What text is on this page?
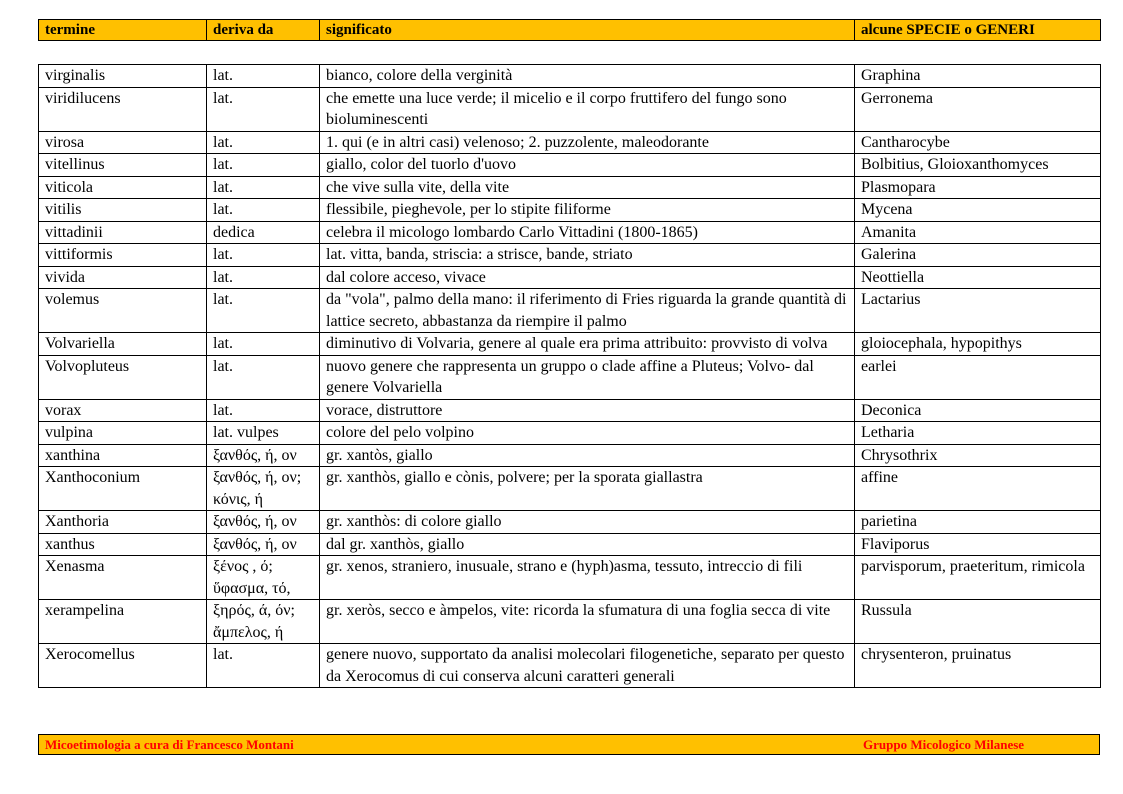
termine	deriva da	significato	alcune SPECIE o GENERI
virginalis	lat.	bianco, colore della verginità	Graphina
viridilucens	lat.	che emette una luce verde; il micelio e il corpo fruttifero del fungo sono bioluminescenti	Gerronema
virosa	lat.	1. qui (e in altri casi) velenoso; 2. puzzolente, maleodorante	Cantharocybe
vitellinus	lat.	giallo, color del tuorlo d'uovo	Bolbitius, Gloioxanthomyces
viticola	lat.	che vive sulla vite, della vite	Plasmopara
vitilis	lat.	flessibile, pieghevole, per lo stipite filiforme	Mycena
vittadinii	dedica	celebra il micologo lombardo Carlo Vittadini (1800-1865)	Amanita
vittiformis	lat.	lat. vitta, banda, striscia: a strisce, bande, striato	Galerina
vivida	lat.	dal colore acceso, vivace	Neottiella
volemus	lat.	da "vola", palmo della mano: il riferimento di Fries riguarda la grande quantità di lattice secreto, abbastanza da riempire il palmo	Lactarius
Volvariella	lat.	diminutivo di Volvaria, genere al quale era prima attribuito: provvisto di volva	gloiocephala, hypopithys
Volvopluteus	lat.	nuovo genere che rappresenta un gruppo o clade affine a Pluteus; Volvo- dal genere Volvariella	earlei
vorax	lat.	vorace, distruttore	Deconica
vulpina	lat. vulpes	colore del pelo volpino	Letharia
xanthina	ξανθός, ή, ον	gr. xantòs, giallo	Chrysothrix
Xanthoconium	ξανθός, ή, ον; κόνις, ή	gr. xanthòs, giallo e cònis, polvere; per la sporata giallastra	affine
Xanthoria	ξανθός, ή, ον	gr. xanthòs: di colore giallo	parietina
xanthus	ξανθός, ή, ον	dal gr. xanthòs, giallo	Flaviporus
Xenasma	ξένος , ό; ὕφασμα, τό,	gr. xenos, straniero, inusuale, strano e (hyph)asma, tessuto, intreccio di fili	parvisporum, praeteritum, rimicola
xerampelina	ξηρός, ά, όν; ἄμπελος, ή	gr. xeròs, secco e àmpelos, vite: ricorda la sfumatura di una foglia secca di vite	Russula
Xerocomellus	lat.	genere nuovo, supportato da analisi molecolari filogenetiche, separato per questo da Xerocomus di cui conserva alcuni caratteri generali	chrysenteron, pruinatus
Micoetimologia a cura di Francesco Montani	Gruppo Micologico Milanese
